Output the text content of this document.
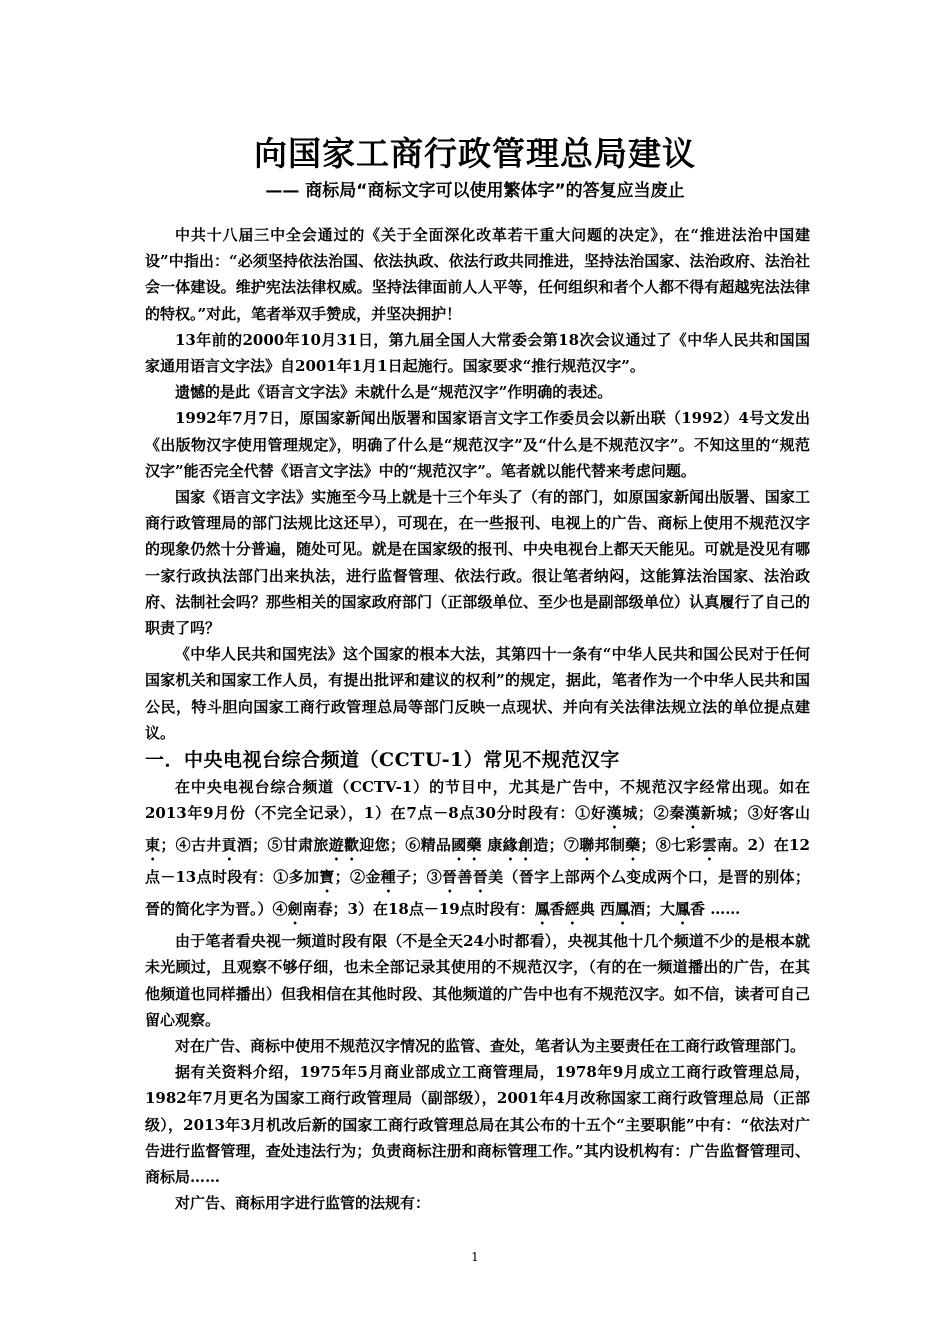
向国家工商行政管理总局建议
—— 商标局“商标文字可以使用繁体字”的答复应当废止

中共十八届三中全会通过的《关于全面深化改革若干重大问题的决定》，在“推进法治中国建设”中指出：“必须坚持依法治国、依法执政、依法行政共同推进，坚持法治国家、法治政府、法治社会一体建设。维护宪法法律权威。坚持法律面前人人平等，任何组织和者个人都不得有超越宪法法律的特权。”对此，笔者举双手赞成，并坚决拥护！

13年前的2000年10月31日，第九届全国人大常委会第18次会议通过了《中华人民共和国国家通用语言文字法》自2001年1月1日起施行。国家要求“推行规范汉字”。

遗憾的是此《语言文字法》未就什么是“规范汉字”作明确的表述。

1992年7月7日，原国家新闻出版署和国家语言文字工作委员会以新出联（1992）4号文发出《出版物汉字使用管理规定》，明确了什么是“规范汉字”及“什么是不规范汉字”。不知这里的“规范汉字”能否完全代替《语言文字法》中的“规范汉字”。笔者就以能代替来考虑问题。

国家《语言文字法》实施至今马上就是十三个年头了（有的部门，如原国家新闻出版署、国家工商行政管理局的部门法规比这还早），可现在，在一些报刊、电视上的广告、商标上使用不规范汉字的现象仍然十分普遍，随处可见。就是在国家级的报刊、中央电视台上都天天能见。可就是没见有哪一家行政执法部门出来执法，进行监督管理、依法行政。很让笔者纳闷，这能算法治国家、法治政府、法制社会吗？那些相关的国家政府部门（正部级单位、至少也是副部级单位）认真履行了自己的职责了吗？

《中华人民共和国宪法》这个国家的根本大法，其第四十一条有“中华人民共和国公民对于任何国家机关和国家工作人员，有提出批评和建议的权利”的规定，据此，笔者作为一个中华人民共和国公民，特斗胆向国家工商行政管理总局等部门反映一点现状、并向有关法律法规立法的单位提点建议。

一．中央电视台综合频道（CCTU-1）常见不规范汉字

在中央电视台综合频道（CCTV-1）的节目中，尤其是广告中，不规范汉字经常出现。如在2013年9月份（不完全记录），1）在7点－8点30分时段有：①好漢城；②秦漢新城；③好客山東；④古井貢酒；⑤甘肃旅遊歡迎您；⑥精品國藥 康緣創造；⑦聯邦制藥；⑧七彩雲南。2）在12点－13点时段有：①多加寶；②金種子；③晉善晉美（晉字上部两个厶变成两个口，是晋的别体；晉的简化字为晋。）④劍南春；3）在18点－19点时段有：鳳香經典 西鳳酒；大鳳香 ……

由于笔者看央视一频道时段有限（不是全天24小时都看），央视其他十几个频道不少的是根本就未光顾过，且观察不够仔细，也未全部记录其使用的不规范汉字，（有的在一频道播出的广告，在其他频道也同样播出）但我相信在其他时段、其他频道的广告中也有不规范汉字。如不信，读者可自己留心观察。

对在广告、商标中使用不规范汉字情况的监管、查处，笔者认为主要责任在工商行政管理部门。

据有关资料介绍，1975年5月商业部成立工商管理局，1978年9月成立工商行政管理总局，1982年7月更名为国家工商行政管理局（副部级），2001年4月改称国家工商行政管理总局（正部级），2013年3月机改后新的国家工商行政管理总局在其公布的十五个“主要职能”中有：“依法对广告进行监督管理，查处违法行为；负责商标注册和商标管理工作。”其内设机构有：广告监督管理司、商标局……

对广告、商标用字进行监管的法规有：

1
